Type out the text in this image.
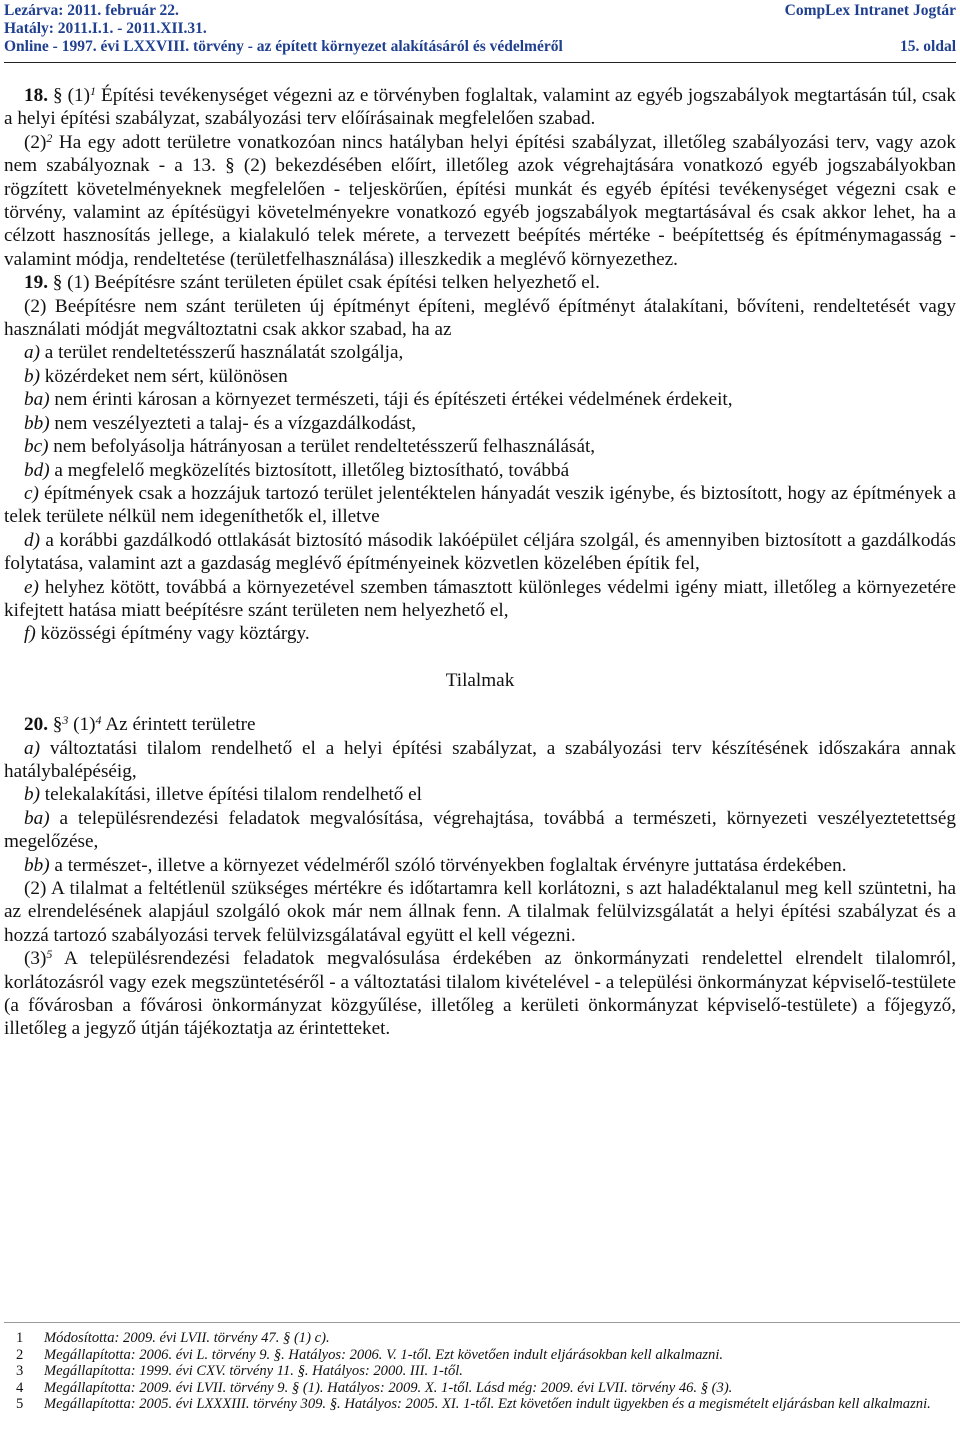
Lezárva: 2011. február 22.	CompLex Intranet Jogtár
Hatály: 2011.I.1. - 2011.XII.31.
Online - 1997. évi LXXVIII. törvény - az épített környezet alakításáról és védelméről	15. oldal

18. § $(1)^1$ Építési tevékenységet végezni az e törvényben foglaltak, valamint az egyéb jogszabályok megtartásán túl, csak a helyi építési szabályzat, szabályozási terv előírásainak megfelelően szabad.

$(2)^2$ Ha egy adott területre vonatkozóan nincs hatályban helyi építési szabályzat, illetőleg szabályozási terv, vagy azok nem szabályoznak - a 13. § (2) bekezdésében előírt, illetőleg azok végrehajtására vonatkozó egyéb jogszabályokban rögzített követelményeknek megfelelően - teljeskörűen, építési munkát és egyéb építési tevékenységet végezni csak e törvény, valamint az építésügyi követelményekre vonatkozó egyéb jogszabályok megtartásával és csak akkor lehet, ha a célzott hasznosítás jellege, a kialakuló telek mérete, a tervezett beépítés mértéke - beépítettség és építménymagasság - valamint módja, rendeltetése (területfelhasználása) illeszkedik a meglévő környezethez.

19. § (1) Beépítésre szánt területen épület csak építési telken helyezhető el.

(2) Beépítésre nem szánt területen új építményt építeni, meglévő építményt átalakítani, bővíteni, rendeltetését vagy használati módját megváltoztatni csak akkor szabad, ha az

a) a terület rendeltetésszerű használatát szolgálja,

b) közérdeket nem sért, különösen

ba) nem érinti károsan a környezet természeti, táji és építészeti értékei védelmének érdekeit,

bb) nem veszélyezteti a talaj- és a vízgazdálkodást,

bc) nem befolyásolja hátrányosan a terület rendeltetésszerű felhasználását,

bd) a megfelelő megközelítés biztosított, illetőleg biztosítható, továbbá

c) építmények csak a hozzájuk tartozó terület jelentéktelen hányadát veszik igénybe, és biztosított, hogy az építmények a telek területe nélkül nem idegeníthetők el, illetve

d) a korábbi gazdálkodó ottlakását biztosító második lakóépület céljára szolgál, és amennyiben biztosított a gazdálkodás folytatása, valamint azt a gazdaság meglévő építményeinek közvetlen közelében építik fel,

e) helyhez kötött, továbbá a környezetével szemben támasztott különleges védelmi igény miatt, illetőleg a környezetére kifejtett hatása miatt beépítésre szánt területen nem helyezhető el,

f) közösségi építmény vagy köztárgy.

Tilalmak

20. §$^3$ $(1)^4$ Az érintett területre

a) változtatási tilalom rendelhető el a helyi építési szabályzat, a szabályozási terv készítésének időszakára annak hatálybalépéséig,

b) telekalakítási, illetve építési tilalom rendelhető el

ba) a településrendezési feladatok megvalósítása, végrehajtása, továbbá a természeti, környezeti veszélyeztetettség megelőzése,

bb) a természet-, illetve a környezet védelméről szóló törvényekben foglaltak érvényre juttatása érdekében.

(2) A tilalmat a feltétlenül szükséges mértékre és időtartamra kell korlátozni, s azt haladéktalanul meg kell szüntetni, ha az elrendelésének alapjául szolgáló okok már nem állnak fenn. A tilalmak felülvizsgálatát a helyi építési szabályzat és a hozzá tartozó szabályozási tervek felülvizsgálatával együtt el kell végezni.

$(3)^5$ A településrendezési feladatok megvalósulása érdekében az önkormányzati rendelettel elrendelt tilalomról, korlátozásról vagy ezek megszüntetéséről - a változtatási tilalom kivételével - a települési önkormányzat képviselő-testülete (a fővárosban a fővárosi önkormányzat közgyűlése, illetőleg a kerületi önkormányzat képviselő-testülete) a főjegyző, illetőleg a jegyző útján tájékoztatja az érintetteket.

1	Módosította: 2009. évi LVII. törvény 47. § (1) c).
2	Megállapította: 2006. évi L. törvény 9. §. Hatályos: 2006. V. 1-től. Ezt követően indult eljárásokban kell alkalmazni.
3	Megállapította: 1999. évi CXV. törvény 11. §. Hatályos: 2000. III. 1-től.
4	Megállapította: 2009. évi LVII. törvény 9. § (1). Hatályos: 2009. X. 1-től. Lásd még: 2009. évi LVII. törvény 46. § (3).
5	Megállapította: 2005. évi LXXXIII. törvény 309. §. Hatályos: 2005. XI. 1-től. Ezt követően indult ügyekben és a megismételt eljárásban kell alkalmazni.
